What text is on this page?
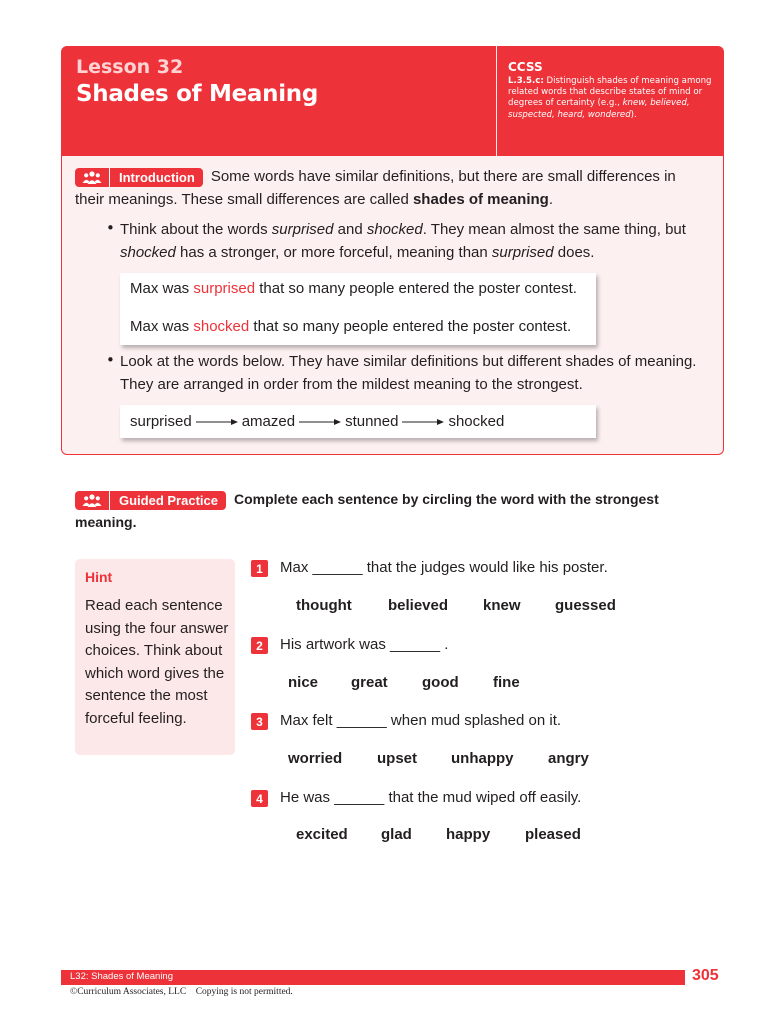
Lesson 32
Shades of Meaning
CCSS
L.3.5.c: Distinguish shades of meaning among related words that describe states of mind or degrees of certainty (e.g., knew, believed, suspected, heard, wondered).
Introduction	Some words have similar definitions, but there are small differences in their meanings. These small differences are called shades of meaning.
• Think about the words surprised and shocked. They mean almost the same thing, but shocked has a stronger, or more forceful, meaning than surprised does.
Max was surprised that so many people entered the poster contest.
Max was shocked that so many people entered the poster contest.
• Look at the words below. They have similar definitions but different shades of meaning. They are arranged in order from the mildest meaning to the strongest.
surprised	amazed	stunned	shocked
Guided Practice	Complete each sentence by circling the word with the strongest meaning.
Hint
Read each sentence using the four answer choices. Think about which word gives the sentence the most forceful feeling.
1	Max ______ that the judges would like his poster.
thought	believed	knew	guessed
2	His artwork was ______ .
nice	great	good	fine
3	Max felt ______ when mud splashed on it.
worried	upset	unhappy	angry
4	He was ______ that the mud wiped off easily.
excited	glad	happy	pleased
L32: Shades of Meaning	305
©Curriculum Associates, LLC    Copying is not permitted.
